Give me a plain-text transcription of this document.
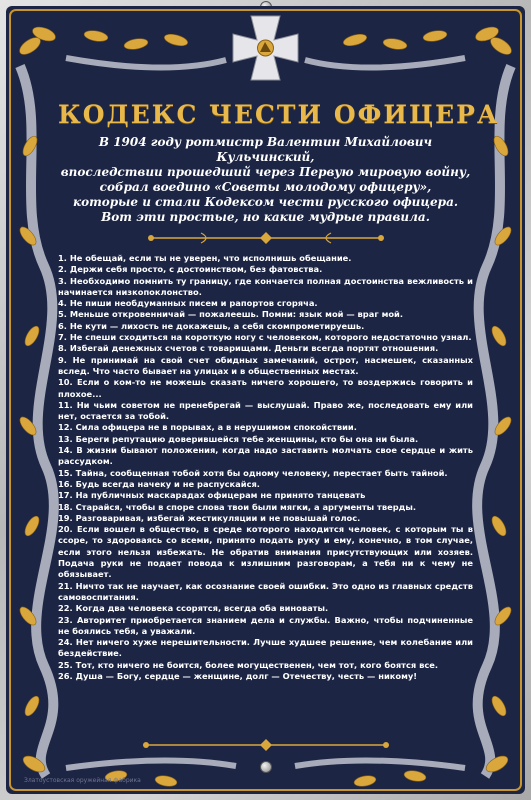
КОДЕКС ЧЕСТИ ОФИЦЕРА
В 1904 году ротмистр Валентин Михайлович Кульчинский,
впоследствии прошедший через Первую мировую войну,
собрал воедино «Советы молодому офицеру»,
которые и стали Кодексом чести русского офицера.
Вот эти простые, но какие мудрые правила.
1. Не обещай, если ты не уверен, что исполнишь обещание.
2. Держи себя просто, с достоинством, без фатовства.
3. Необходимо помнить ту границу, где кончается полная достоинства вежливость и начинается низкопоклонство.
4. Не пиши необдуманных писем и рапортов сгоряча.
5. Меньше откровенничай — пожалеешь. Помни: язык мой — враг мой.
6. Не кути — лихость не докажешь, а себя скомпрометируешь.
7. Не спеши сходиться на короткую ногу с человеком, которого недостаточно узнал.
8. Избегай денежных счетов с товарищами. Деньги всегда портят отношения.
9. Не принимай на свой счет обидных замечаний, острот, насмешек, сказанных вслед. Что часто бывает на улицах и в общественных местах.
10. Если о ком-то не можешь сказать ничего хорошего, то воздержись говорить и плохое...
11. Ни чьим советом не пренебрегай — выслушай. Право же, последовать ему или нет, остается за тобой.
12. Сила офицера не в порывах, а в нерушимом спокойствии.
13. Береги репутацию доверившейся тебе женщины, кто бы она ни была.
14. В жизни бывают положения, когда надо заставить молчать свое сердце и жить рассудком.
15. Тайна, сообщенная тобой хотя бы одному человеку, перестает быть тайной.
16. Будь всегда начеку и не распускайся.
17. На публичных маскарадах офицерам не принято танцевать
18. Старайся, чтобы в споре слова твои были мягки, а аргументы тверды.
19. Разговаривая, избегай жестикуляции и не повышай голос.
20. Если вошел в общество, в среде которого находится человек, с которым ты в ссоре, то здороваясь со всеми, принято подать руку и ему, конечно, в том случае, если этого нельзя избежать. Не обратив внимания присутствующих или хозяев. Подача руки не подает повода к излишним разговорам, а тебя ни к чему не обязывает.
21. Ничто так не научает, как осознание своей ошибки. Это одно из главных средств самовоспитания.
22. Когда два человека ссорятся, всегда оба виноваты.
23. Авторитет приобретается знанием дела и службы. Важно, чтобы подчиненные не боялись тебя, а уважали.
24. Нет ничего хуже нерешительности. Лучше худшее решение, чем колебание или бездействие.
25. Тот, кто ничего не боится, более могущественен, чем тот, кого боятся все.
26. Душа — Богу, сердце — женщине, долг — Отечеству, честь — никому!
Златоустовская оружейная фабрика
